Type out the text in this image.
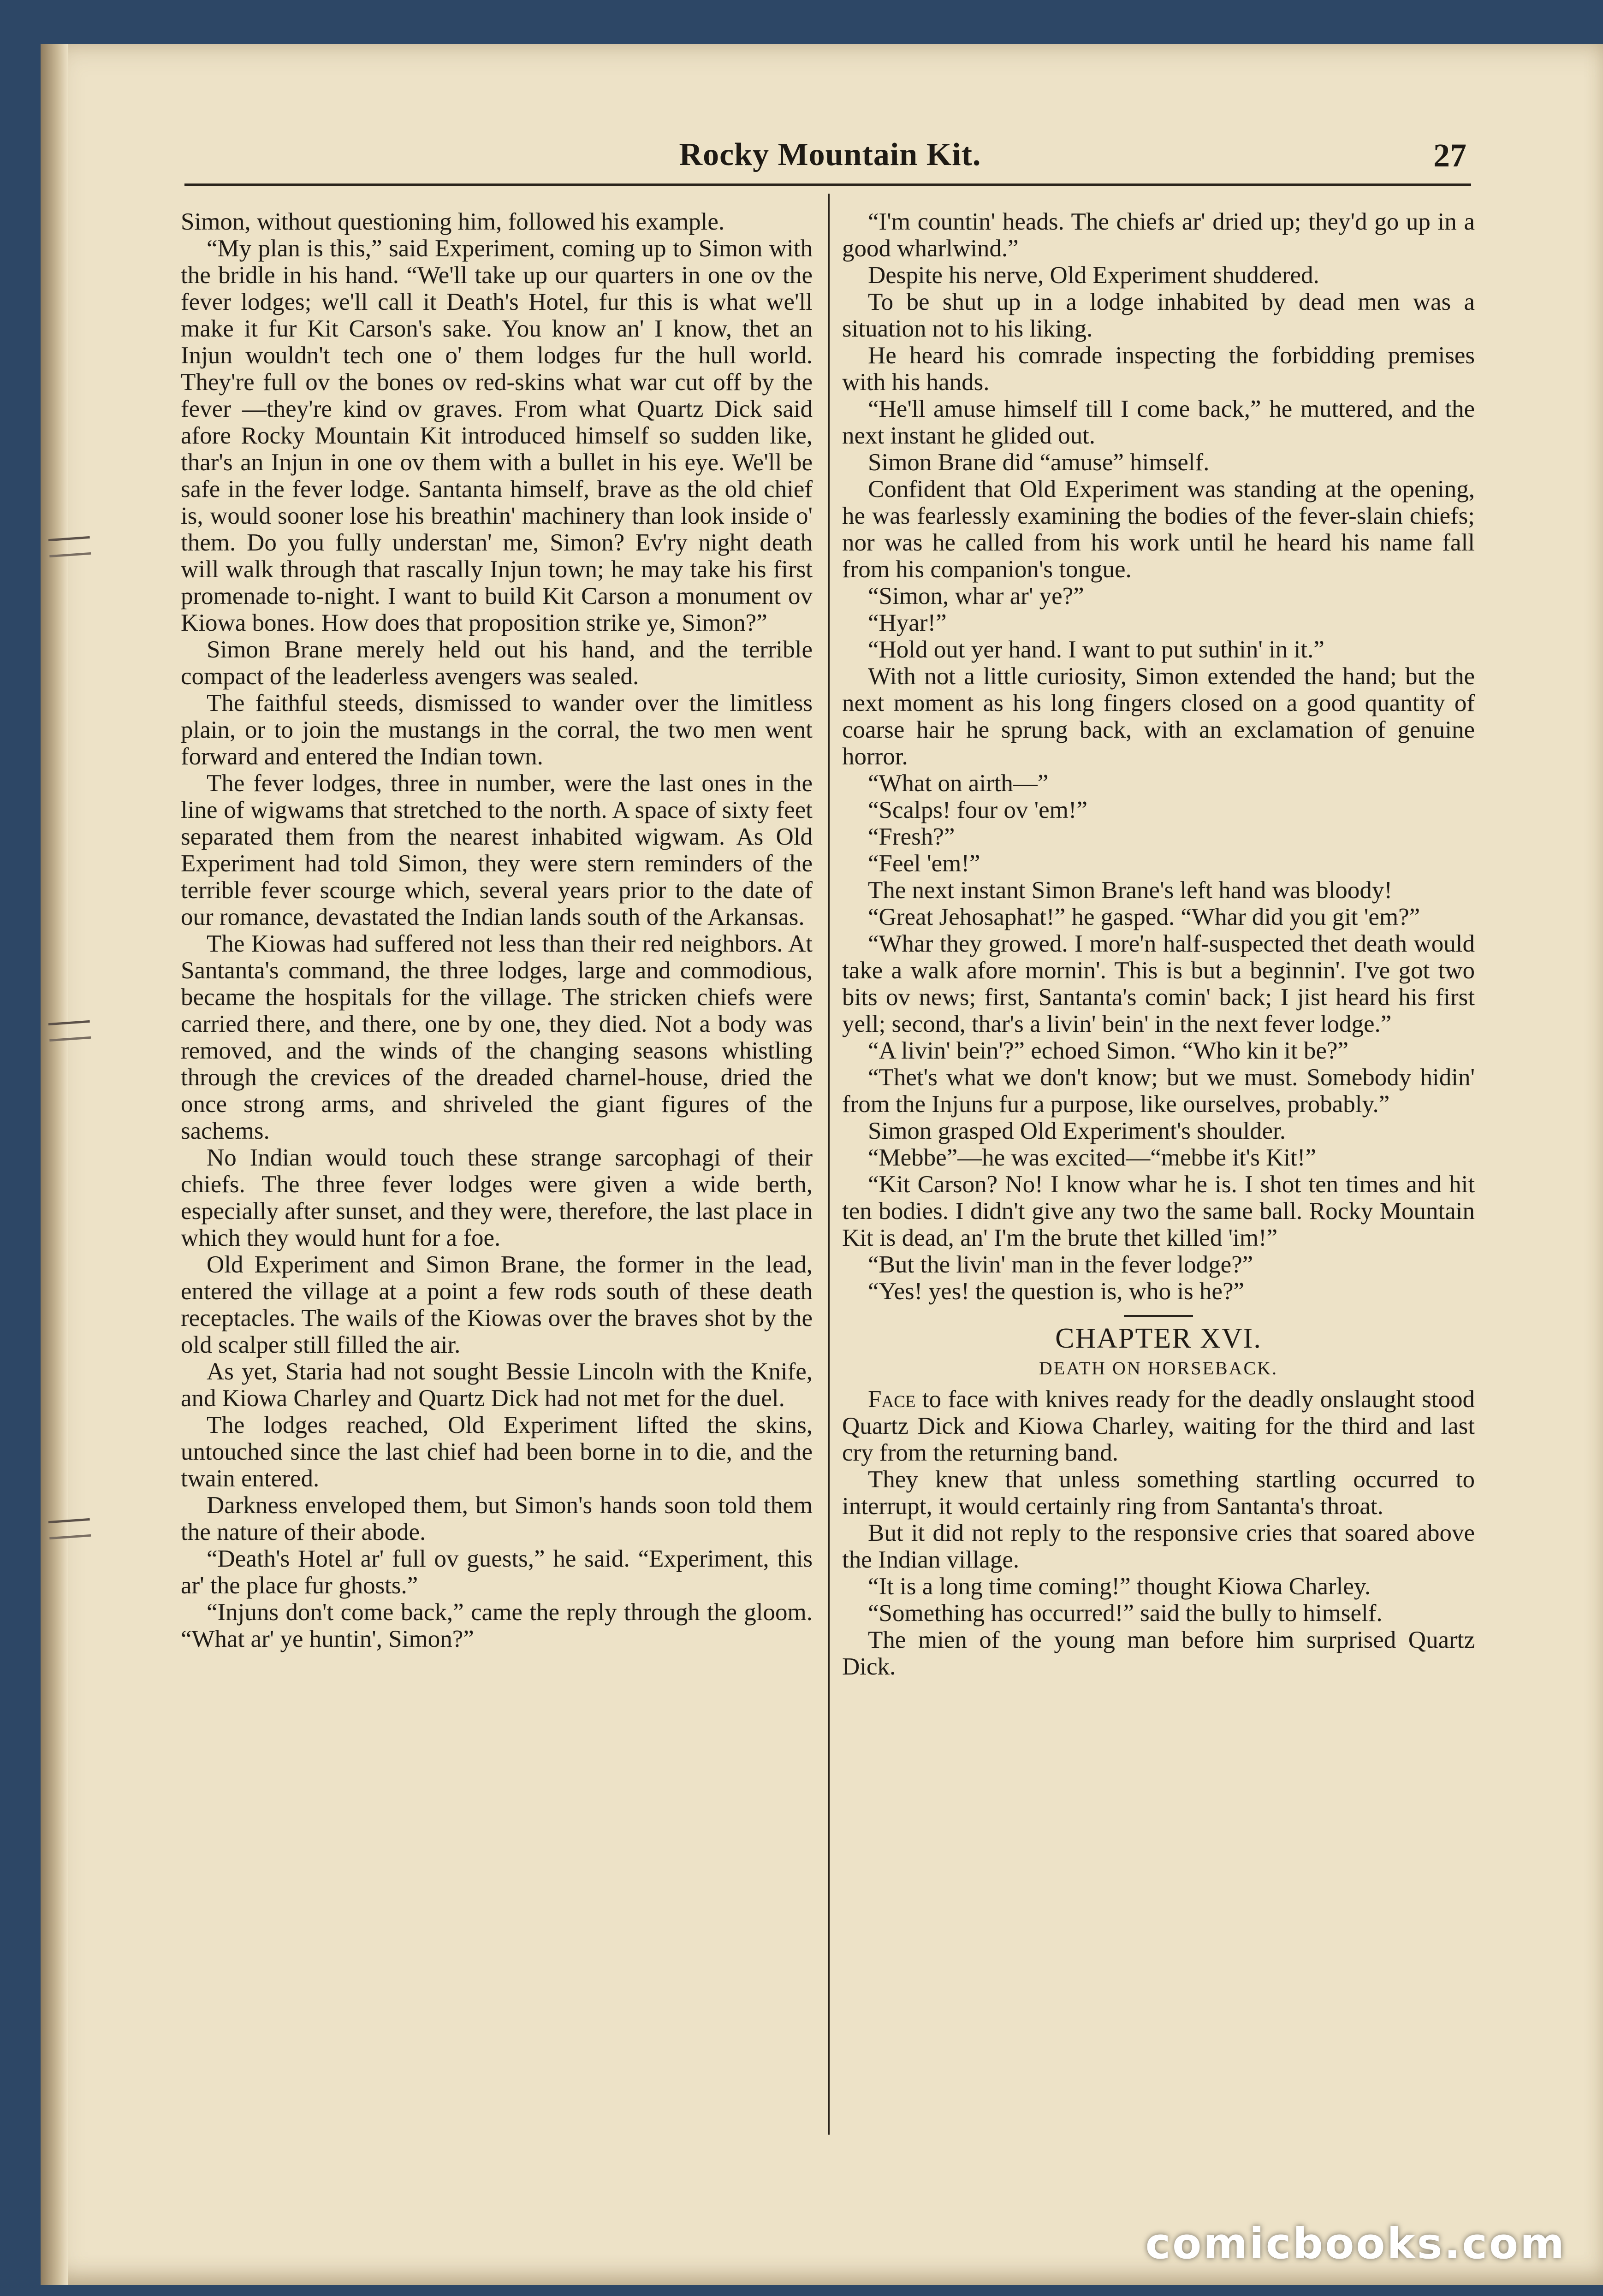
Rocky Mountain Kit.	27

Simon, without questioning him, followed his example.

“My plan is this,” said Experiment, coming up to Simon with the bridle in his hand. “We'll take up our quarters in one ov the fever lodges; we'll call it Death's Hotel, fur this is what we'll make it fur Kit Carson's sake. You know an' I know, thet an Injun wouldn't tech one o' them lodges fur the hull world. They're full ov the bones ov red-skins what war cut off by the fever —they're kind ov graves. From what Quartz Dick said afore Rocky Mountain Kit introduced himself so sudden like, thar's an Injun in one ov them with a bullet in his eye. We'll be safe in the fever lodge. Santanta himself, brave as the old chief is, would sooner lose his breathin' machinery than look inside o' them. Do you fully understan' me, Simon? Ev'ry night death will walk through that rascally Injun town; he may take his first promenade to-night. I want to build Kit Carson a monument ov Kiowa bones. How does that proposition strike ye, Simon?”

Simon Brane merely held out his hand, and the terrible compact of the leaderless avengers was sealed.

The faithful steeds, dismissed to wander over the limitless plain, or to join the mustangs in the corral, the two men went forward and entered the Indian town.

The fever lodges, three in number, were the last ones in the line of wigwams that stretched to the north. A space of sixty feet separated them from the nearest inhabited wigwam. As Old Experiment had told Simon, they were stern reminders of the terrible fever scourge which, several years prior to the date of our romance, devastated the Indian lands south of the Arkansas.

The Kiowas had suffered not less than their red neighbors. At Santanta's command, the three lodges, large and commodious, became the hospitals for the village. The stricken chiefs were carried there, and there, one by one, they died. Not a body was removed, and the winds of the changing seasons whistling through the crevices of the dreaded charnel-house, dried the once strong arms, and shriveled the giant figures of the sachems.

No Indian would touch these strange sarcophagi of their chiefs. The three fever lodges were given a wide berth, especially after sunset, and they were, therefore, the last place in which they would hunt for a foe.

Old Experiment and Simon Brane, the former in the lead, entered the village at a point a few rods south of these death receptacles. The wails of the Kiowas over the braves shot by the old scalper still filled the air.

As yet, Staria had not sought Bessie Lincoln with the Knife, and Kiowa Charley and Quartz Dick had not met for the duel.

The lodges reached, Old Experiment lifted the skins, untouched since the last chief had been borne in to die, and the twain entered.

Darkness enveloped them, but Simon's hands soon told them the nature of their abode.

“Death's Hotel ar' full ov guests,” he said. “Experiment, this ar' the place fur ghosts.”

“Injuns don't come back,” came the reply through the gloom. “What ar' ye huntin', Simon?”

“I'm countin' heads. The chiefs ar' dried up; they'd go up in a good wharlwind.”

Despite his nerve, Old Experiment shuddered.

To be shut up in a lodge inhabited by dead men was a situation not to his liking.

He heard his comrade inspecting the forbidding premises with his hands.

“He'll amuse himself till I come back,” he muttered, and the next instant he glided out.

Simon Brane did “amuse” himself.

Confident that Old Experiment was standing at the opening, he was fearlessly examining the bodies of the fever-slain chiefs; nor was he called from his work until he heard his name fall from his companion's tongue.

“Simon, whar ar' ye?”

“Hyar!”

“Hold out yer hand. I want to put suthin' in it.”

With not a little curiosity, Simon extended the hand; but the next moment as his long fingers closed on a good quantity of coarse hair he sprung back, with an exclamation of genuine horror.

“What on airth—”

“Scalps! four ov 'em!”

“Fresh?”

“Feel 'em!”

The next instant Simon Brane's left hand was bloody!

“Great Jehosaphat!” he gasped. “Whar did you git 'em?”

“Whar they growed. I more'n half-suspected thet death would take a walk afore mornin'. This is but a beginnin'. I've got two bits ov news; first, Santanta's comin' back; I jist heard his first yell; second, thar's a livin' bein' in the next fever lodge.”

“A livin' bein'?” echoed Simon. “Who kin it be?”

“Thet's what we don't know; but we must. Somebody hidin' from the Injuns fur a purpose, like ourselves, probably.”

Simon grasped Old Experiment's shoulder.

“Mebbe”—he was excited—“mebbe it's Kit!”

“Kit Carson? No! I know whar he is. I shot ten times and hit ten bodies. I didn't give any two the same ball. Rocky Mountain Kit is dead, an' I'm the brute thet killed 'im!”

“But the livin' man in the fever lodge?”

“Yes! yes! the question is, who is he?”

CHAPTER XVI.
DEATH ON HORSEBACK.

Face to face with knives ready for the deadly onslaught stood Quartz Dick and Kiowa Charley, waiting for the third and last cry from the returning band.

They knew that unless something startling occurred to interrupt, it would certainly ring from Santanta's throat.

But it did not reply to the responsive cries that soared above the Indian village.

“It is a long time coming!” thought Kiowa Charley.

“Something has occurred!” said the bully to himself.

The mien of the young man before him surprised Quartz Dick.

comicbooks.com
